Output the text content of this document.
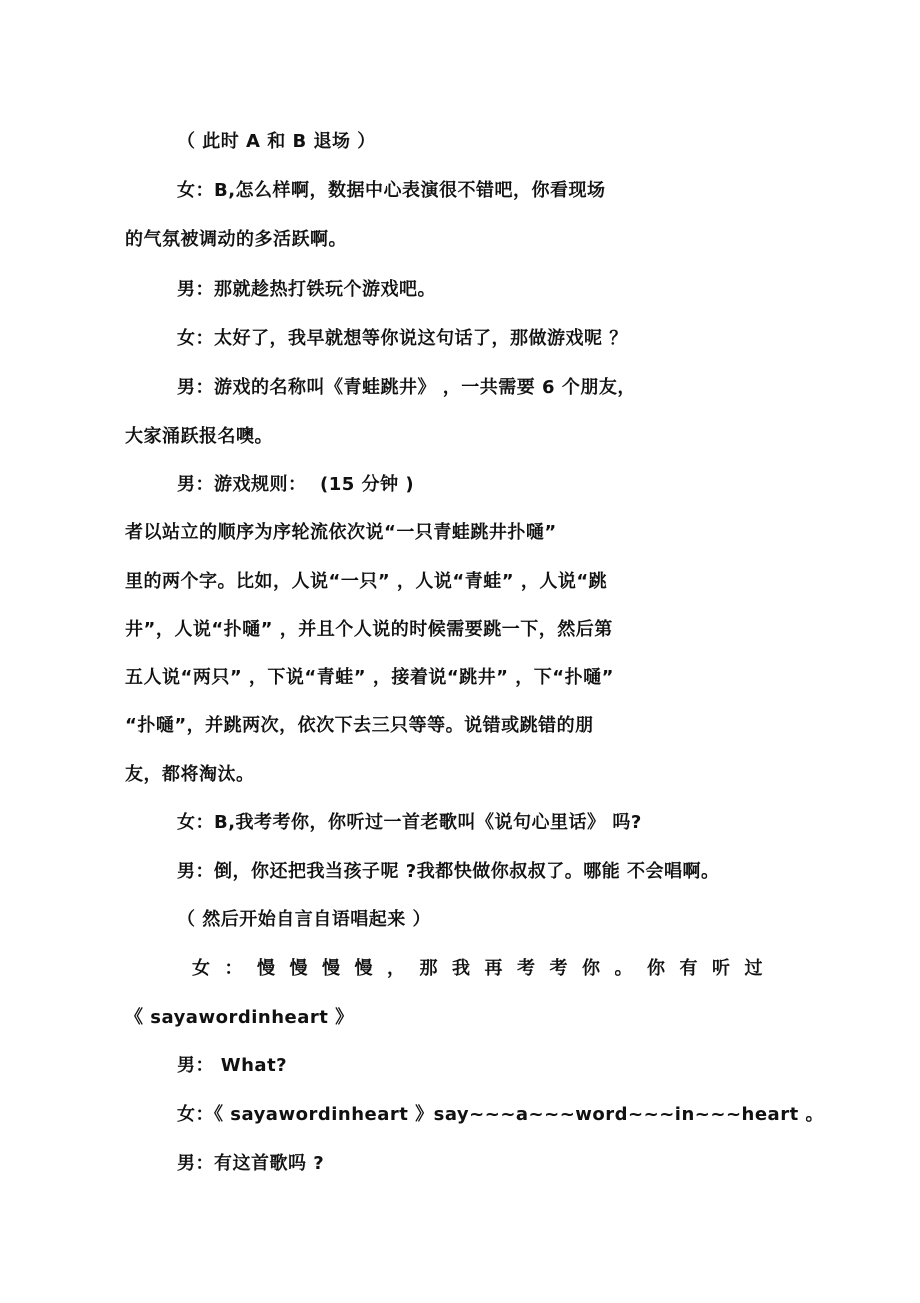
（ 此时 A 和 B 退场 ）
女：B,怎么样啊，数据中心表演很不错吧，你看现场
的气氛被调动的多活跃啊。
男：那就趁热打铁玩个游戏吧。
女：太好了，我早就想等你说这句话了，那做游戏呢 ？
男：游戏的名称叫《青蛙跳井》 ，一共需要 6 个朋友，
大家涌跃报名噢。
男：游戏规则：  (15 分钟 )
者以站立的顺序为序轮流依次说“一只青蛙跳井扑嗵”
里的两个字。比如，人说“一只” ，人说“青蛙” ，人说“跳
井”，人说“扑嗵” ，并且个人说的时候需要跳一下，然后第
五人说“两只” ，下说“青蛙” ，接着说“跳井” ，下“扑嗵”
“扑嗵”，并跳两次，依次下去三只等等。说错或跳错的朋
友，都将淘汰。
女：B,我考考你，你听过一首老歌叫《说句心里话》 吗?
男：倒，你还把我当孩子呢 ?我都快做你叔叔了。哪能 不会唱啊。
（ 然后开始自言自语唱起来 ）
女：慢慢慢慢，那我再考考你。你有听过
《 sayawordinheart 》
男： What?
女：《 sayawordinheart 》say~~~a~~~word~~~in~~~heart 。
男：有这首歌吗 ?
